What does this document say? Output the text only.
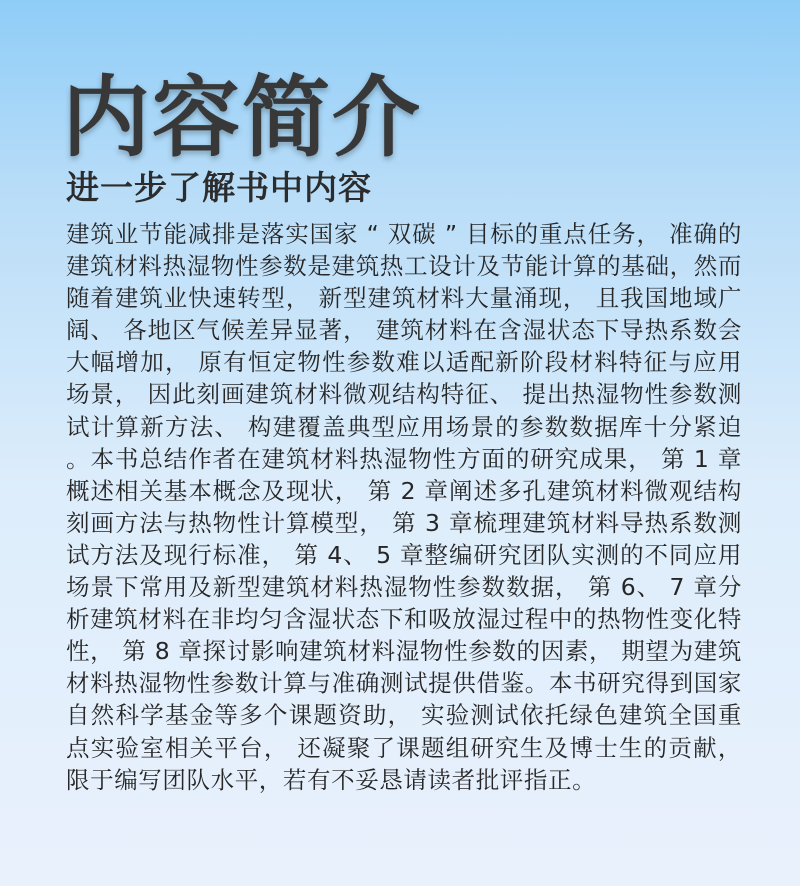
内容简介
进一步了解书中内容

建筑业节能减排是落实国家 “ 双碳 ” 目标的重点任务， 准确的建筑材料热湿物性参数是建筑热工设计及节能计算的基础，然而随着建筑业快速转型， 新型建筑材料大量涌现， 且我国地域广阔、 各地区气候差异显著， 建筑材料在含湿状态下导热系数会大幅增加， 原有恒定物性参数难以适配新阶段材料特征与应用场景， 因此刻画建筑材料微观结构特征、 提出热湿物性参数测试计算新方法、 构建覆盖典型应用场景的参数数据库十分紧迫。本书总结作者在建筑材料热湿物性方面的研究成果， 第 1 章概述相关基本概念及现状， 第 2 章阐述多孔建筑材料微观结构刻画方法与热物性计算模型， 第 3 章梳理建筑材料导热系数测试方法及现行标准， 第 4、 5 章整编研究团队实测的不同应用场景下常用及新型建筑材料热湿物性参数数据， 第 6、 7 章分析建筑材料在非均匀含湿状态下和吸放湿过程中的热物性变化特性， 第 8 章探讨影响建筑材料湿物性参数的因素， 期望为建筑材料热湿物性参数计算与准确测试提供借鉴。本书研究得到国家自然科学基金等多个课题资助， 实验测试依托绿色建筑全国重点实验室相关平台， 还凝聚了课题组研究生及博士生的贡献，限于编写团队水平，若有不妥恳请读者批评指正。
